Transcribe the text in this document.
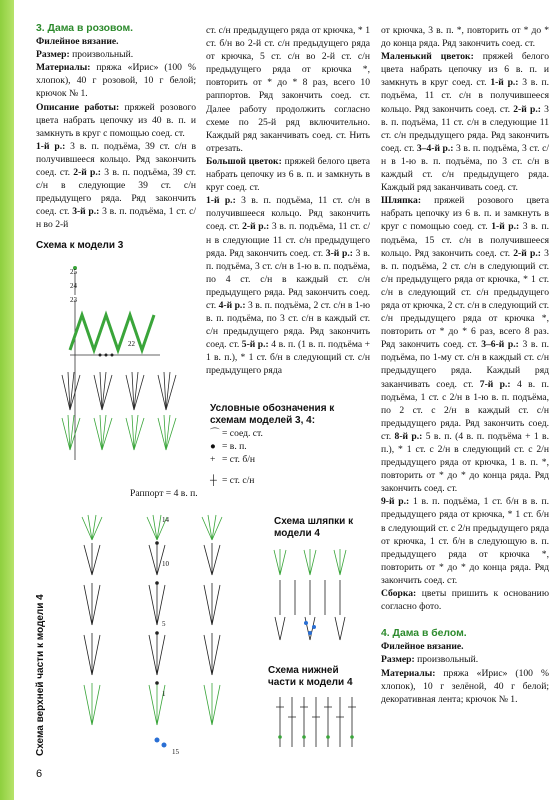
3. Дама в розовом.

Филейное вязание.

Размер: произвольный.

Материалы: пряжа «Ирис» (100 % хлопок), 40 г розовой, 10 г белой; крючок № 1.

Описание работы: пряжей розового цвета набрать цепочку из 40 в. п. и замкнуть в круг с помощью соед. ст.

1-й р.: 3 в. п. подъёма, 39 ст. с/н в получившееся кольцо. Ряд закончить соед. ст. 2-й р.: 3 в. п. подъёма, 39 ст. с/н в следующие 39 ст. с/н предыдущего ряда. Ряд закончить соед. ст. 3-й р.: 3 в. п. подъёма, 1 ст. с/н во 2-й

Схема к модели 3
25
24
23
22
Раппорт = 4 в. п.

ст. с/н предыдущего ряда от крючка, * 1 ст. б/н во 2-й ст. с/н предыдущего ряда от крючка, 5 ст. с/н во 2-й ст. с/н предыдущего ряда от крючка *, повторить от * до * 8 раз, всего 10 раппортов. Ряд закончить соед. ст. Далее работу продолжить согласно схеме по 25-й ряд включительно. Каждый ряд заканчивать соед. ст. Нить отрезать.

Большой цветок: пряжей белого цвета набрать цепочку из 6 в. п. и замкнуть в круг соед. ст.

1-й р.: 3 в. п. подъёма, 11 ст. с/н в получившееся кольцо. Ряд закончить соед. ст. 2-й р.: 3 в. п. подъёма, 11 ст. с/н в следующие 11 ст. с/н предыдущего ряда. Ряд закончить соед. ст. 3-й р.: 3 в. п. подъёма, 3 ст. с/н в 1-ю в. п. подъёма, по 4 ст. с/н в каждый ст. с/н предыдущего ряда. Ряд закончить соед. ст. 4-й р.: 3 в. п. подъёма, 2 ст. с/н в 1-ю в. п. подъёма, по 3 ст. с/н в каждый ст. с/н предыдущего ряда. Ряд закончить соед. ст. 5-й р.: 4 в. п. (1 в. п. подъёма + 1 в. п.), * 1 ст. б/н в следующий ст. с/н предыдущего ряда

Условные обозначения к схемам моделей 3, 4:

⌒ = соед. ст.

● = в. п.

+ = ст. б/н

┼ = ст. с/н

Схема шляпки к модели 4
Схема нижней части к модели 4
14
10
5
1
15
Схема верхней части к модели 4

от крючка, 3 в. п. *, повторить от * до * до конца ряда. Ряд закончить соед. ст.

Маленький цветок: пряжей белого цвета набрать цепочку из 6 в. п. и замкнуть в круг соед. ст. 1-й р.: 3 в. п. подъёма, 11 ст. с/н в получившееся кольцо. Ряд закончить соед. ст. 2-й р.: 3 в. п. подъёма, 11 ст. с/н в следующие 11 ст. с/н предыдущего ряда. Ряд закончить соед. ст. 3–4-й р.: 3 в. п. подъёма, 3 ст. с/н в 1-ю в. п. подъёма, по 3 ст. с/н в каждый ст. с/н предыдущего ряда. Каждый ряд заканчивать соед. ст.

Шляпка: пряжей розового цвета набрать цепочку из 6 в. п. и замкнуть в круг с помощью соед. ст. 1-й р.: 3 в. п. подъёма, 15 ст. с/н в получившееся кольцо. Ряд закончить соед. ст. 2-й р.: 3 в. п. подъёма, 2 ст. с/н в следующий ст. с/н предыдущего ряда от крючка, * 1 ст. с/н в следующий ст. с/н предыдущего ряда от крючка, 2 ст. с/н в следующий ст. с/н предыдущего ряда от крючка *, повторить от * до * 6 раз, всего 8 раз. Ряд закончить соед. ст. 3–6-й р.: 3 в. п. подъёма, по 1-му ст. с/н в каждый ст. с/н предыдущего ряда. Каждый ряд заканчивать соед. ст. 7-й р.: 4 в. п. подъёма, 1 ст. с 2/н в 1-ю в. п. подъёма, по 2 ст. с 2/н в каждый ст. с/н предыдущего ряда. Ряд закончить соед. ст. 8-й р.: 5 в. п. (4 в. п. подъёма + 1 в. п.), * 1 ст. с 2/н в следующий ст. с 2/н предыдущего ряда от крючка, 1 в. п. *, повторить от * до * до конца ряда. Ряд закончить соед. ст.

9-й р.: 1 в. п. подъёма, 1 ст. б/н в в. п. предыдущего ряда от крючка, * 1 ст. б/н в следующий ст. с 2/н предыдущего ряда от крючка, 1 ст. б/н в следующую в. п. предыдущего ряда от крючка *, повторить от * до * до конца ряда. Ряд закончить соед. ст.

Сборка: цветы пришить к основанию согласно фото.

4. Дама в белом.

Филейное вязание.

Размер: произвольный.

Материалы: пряжа «Ирис» (100 % хлопок), 10 г зелёной, 40 г белой; декоративная лента; крючок № 1.

6
